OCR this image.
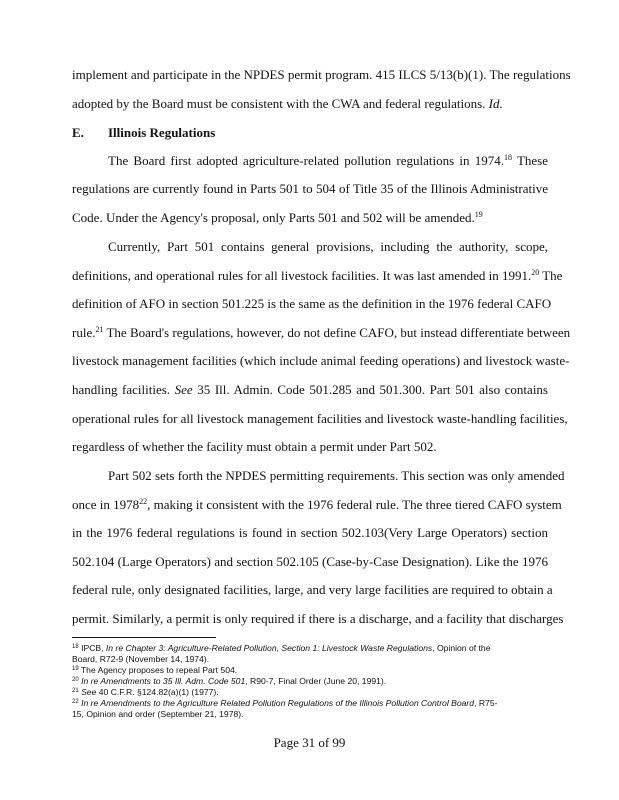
implement and participate in the NPDES permit program. 415 ILCS 5/13(b)(1). The regulations
adopted by the Board must be consistent with the CWA and federal regulations. Id.
The Board first adopted agriculture-related pollution regulations in 1974.18 These
regulations are currently found in Parts 501 to 504 of Title 35 of the Illinois Administrative
Code. Under the Agency's proposal, only Parts 501 and 502 will be amended.$^{19}$
Currently, Part 501 contains general provisions, including the authority, scope,
definitions, and operational rules for all livestock facilities. It was last amended in 1991.20 The
definition of AFO in section 501.225 is the same as the definition in the 1976 federal CAFO
rule.$^{21}$ The Board's regulations, however, do not define CAFO, but instead differentiate between
livestock management facilities (which include animal feeding operations) and livestock waste-
handling facilities. See 35 Ill. Admin. Code 501.285 and 501.300. Part 501 also contains
operational rules for all livestock management facilities and livestock waste-handling facilities,
regardless of whether the facility must obtain a permit under Part 502.
Part 502 sets forth the NPDES permitting requirements. This section was only amended
once in 1978$^{22}$, making it consistent with the 1976 federal rule. The three tiered CAFO system
in the 1976 federal regulations is found in section 502.103(Very Large Operators) section
502.104 (Large Operators) and section 502.105 (Case-by-Case Designation). Like the 1976
federal rule, only designated facilities, large, and very large facilities are required to obtain a
permit. Similarly, a permit is only required if there is a discharge, and a facility that discharges
E. Illinois Regulations
$^{18}$ IPCB, In re Chapter 3: Agriculture-Related Pollution, Section 1: Livestock Waste Regulations, Opinion of the
Board, R72-9 (November 14, 1974).
$^{19}$ The Agency proposes to repeal Part 504.
$^{20}$ In re Amendments to 35 Ill. Adm. Code 501, R90-7, Final Order (June 20, 1991).
$^{21}$ See 40 C.F.R. §124.82(a)(1) (1977).
$^{22}$ In re Amendments to the Agriculture Related Pollution Regulations of the Illinois Pollution Control Board, R75-
15, Opinion and order (September 21, 1978).
Page 31 of 99
